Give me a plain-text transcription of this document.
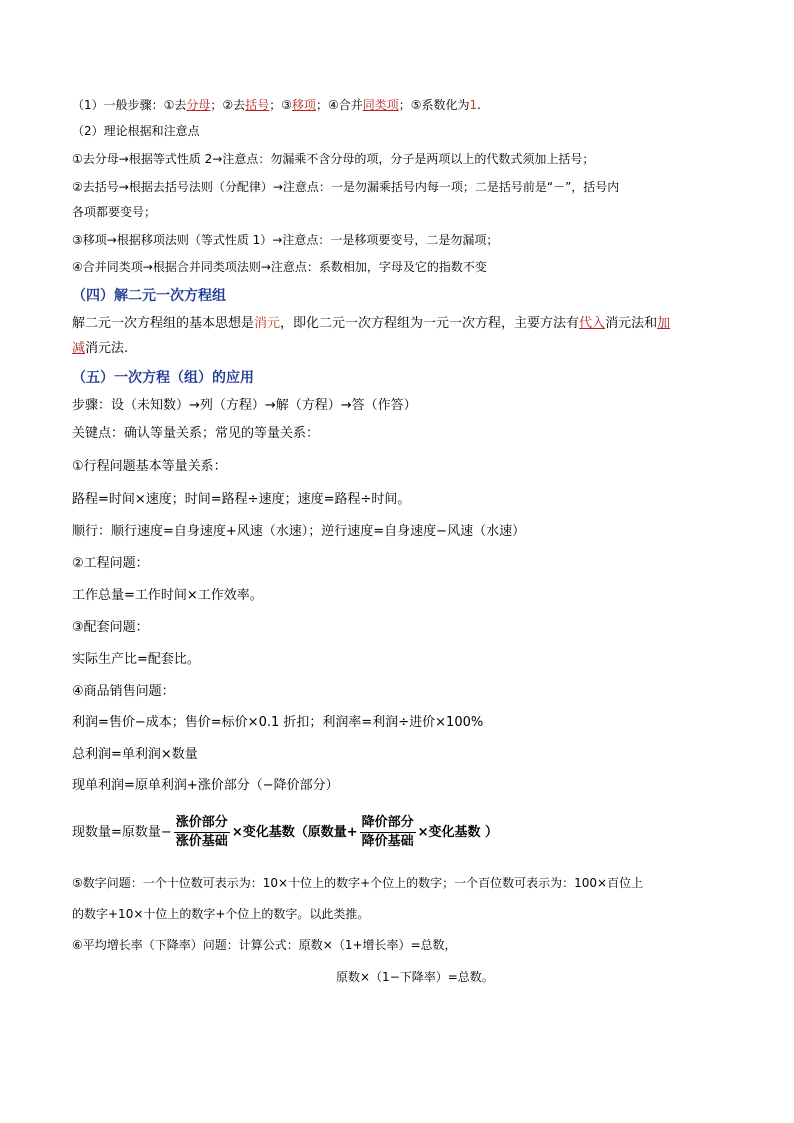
（1）一般步骤：①去分母；②去括号；③移项；④合并同类项；⑤系数化为1.
（2）理论根据和注意点
①去分母→根据等式性质 2→注意点：勿漏乘不含分母的项，分子是两项以上的代数式须加上括号；
②去括号→根据去括号法则（分配律）→注意点：一是勿漏乘括号内每一项；二是括号前是“－”，括号内
各项都要变号；
③移项→根据移项法则（等式性质 1）→注意点：一是移项要变号，二是勿漏项；
④合并同类项→根据合并同类项法则→注意点：系数相加，字母及它的指数不变
（四）解二元一次方程组
解二元一次方程组的基本思想是消元，即化二元一次方程组为一元一次方程，主要方法有代入消元法和加
减消元法.
（五）一次方程（组）的应用
步骤：设（未知数）→列（方程）→解（方程）→答（作答）
关键点：确认等量关系；常见的等量关系：
①行程问题基本等量关系：
路程=时间×速度；时间=路程÷速度；速度=路程÷时间。
顺行：顺行速度=自身速度+风速（水速）；逆行速度=自身速度−风速（水速）
②工程问题：
工作总量=工作时间×工作效率。
③配套问题：
实际生产比=配套比。
④商品销售问题：
利润=售价−成本；售价=标价×0.1 折扣；利润率=利润÷进价×100%
总利润=单利润×数量
现单利润=原单利润+涨价部分（−降价部分）
现数量=原数量− $\frac{\text{涨价部分}}{\text{涨价基础}}$ ×变化基数（原数量+ $\frac{\text{降价部分}}{\text{降价基础}}$ ×变化基数 ）
⑤数字问题：一个十位数可表示为：10×十位上的数字+个位上的数字；一个百位数可表示为：100×百位上
的数字+10×十位上的数字+个位上的数字。以此类推。
⑥平均增长率（下降率）问题：计算公式：原数×（1+增长率）=总数，
原数×（1−下降率）=总数。
